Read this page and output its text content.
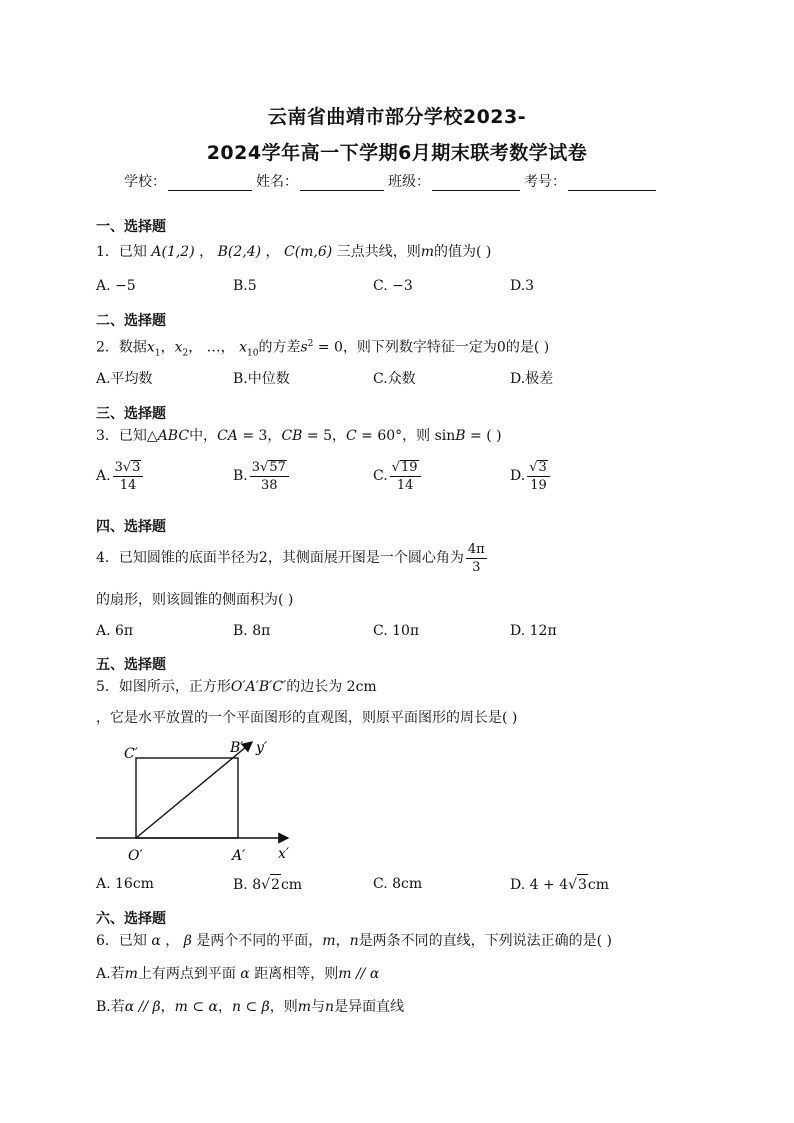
云南省曲靖市部分学校2023-
2024学年高一下学期6月期末联考数学试卷
学校：	姓名：	班级：	考号：
一、选择题
1．已知 A(1,2) ， B(2,4) ， C(m,6) 三点共线，则m的值为( )
A. −5	B.5	C. −3	D.3
二、选择题
2．数据$x_1$，$x_2$， …， $x_{10}$的方差$s^2 = 0$，则下列数字特征一定为0的是( )
A.平均数	B.中位数	C.众数	D.极差
三、选择题
3．已知△ABC中，CA = 3，CB = 5，C = 60°，则 sinB = ( )
A. $\frac{3 √ 3}{14}$	B. $\frac{3 √ 57}{38}$	C. $\frac{√ 19}{14}$	D. $\frac{√ 3}{19}$
四、选择题
4．已知圆锥的底面半径为2，其侧面展开图是一个圆心角为 $\frac{4\pi}{3}$
的扇形，则该圆锥的侧面积为( )
A. 6π	B. 8π	C. 10π	D. 12π
五、选择题
5．如图所示，正方形O′A′B′C′的边长为 2cm
，它是水平放置的一个平面图形的直观图，则原平面图形的周长是( )
C′	B′ y′
O′	A′ x′
A. 16cm	B. 8 √ 2 cm	C. 8cm	D. 4 + 4 √ 3 cm
六、选择题
6．已知 α ， β 是两个不同的平面，m，n是两条不同的直线，下列说法正确的是( )
A.若m上有两点到平面 α 距离相等，则m // α
B.若α // β，m ⊂ α，n ⊂ β，则m与n是异面直线
